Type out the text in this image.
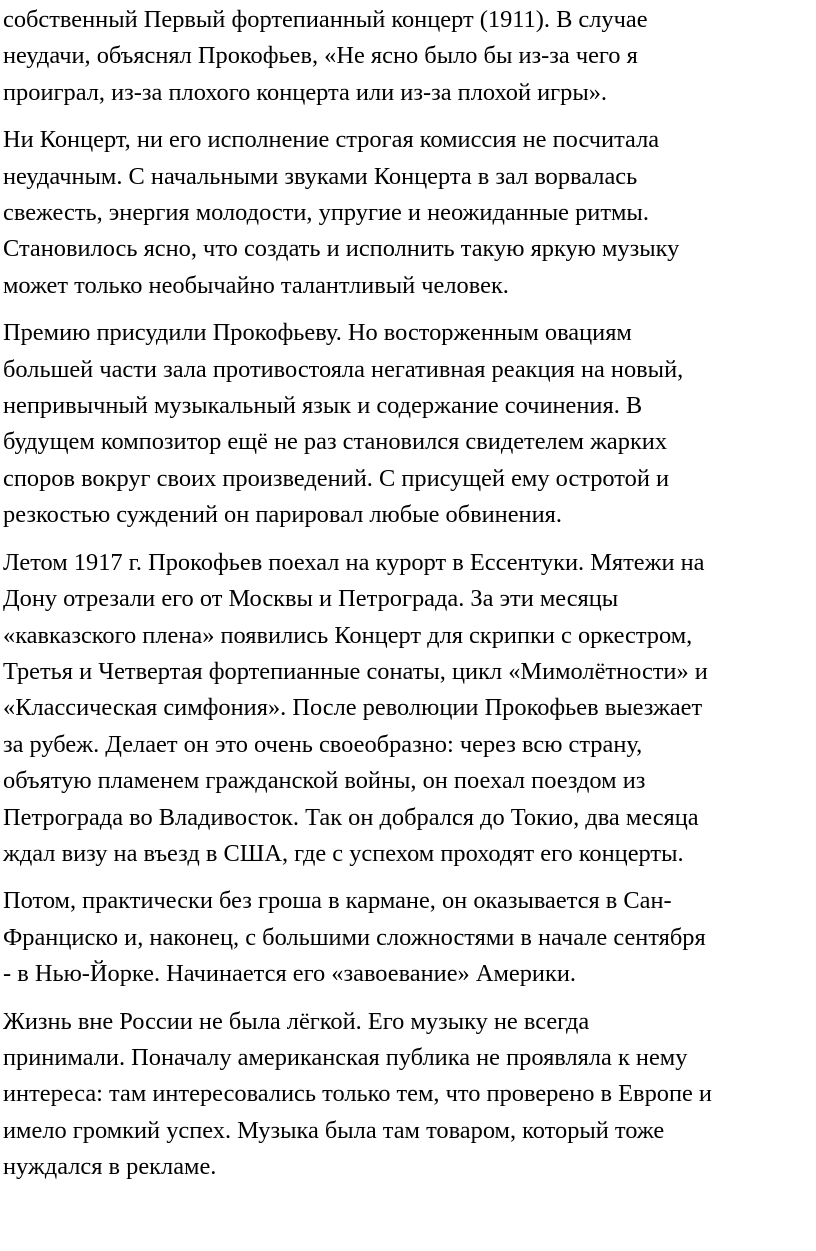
собственный Первый фортепианный концерт (1911). В случае
неудачи, объяснял Прокофьев, «Не ясно было бы из-за чего я
проиграл, из-за плохого концерта или из-за плохой игры».

Ни Концерт, ни его исполнение строгая комиссия не посчитала
неудачным. С начальными звуками Концерта в зал ворвалась
свежесть, энергия молодости, упругие и неожиданные ритмы.
Становилось ясно, что создать и исполнить такую яркую музыку
может только необычайно талантливый человек.

Премию присудили Прокофьеву. Но восторженным овациям
большей части зала противостояла негативная реакция на новый,
непривычный музыкальный язык и содержание сочинения. В
будущем композитор ещё не раз становился свидетелем жарких
споров вокруг своих произведений. С присущей ему остротой и
резкостью суждений он парировал любые обвинения.

Летом 1917 г. Прокофьев поехал на курорт в Ессентуки. Мятежи на
Дону отрезали его от Москвы и Петрограда. За эти месяцы
«кавказского плена» появились Концерт для скрипки с оркестром,
Третья и Четвертая фортепианные сонаты, цикл «Мимолётности» и
«Классическая симфония». После революции Прокофьев выезжает
за рубеж. Делает он это очень своеобразно: через всю страну,
объятую пламенем гражданской войны, он поехал поездом из
Петрограда во Владивосток. Так он добрался до Токио, два месяца
ждал визу на въезд в США, где с успехом проходят его концерты.

Потом, практически без гроша в кармане, он оказывается в Сан-
Франциско и, наконец, с большими сложностями в начале сентября
- в Нью-Йорке. Начинается его «завоевание» Америки.

Жизнь вне России не была лёгкой. Его музыку не всегда
принимали. Поначалу американская публика не проявляла к нему
интереса: там интересовались только тем, что проверено в Европе и
имело громкий успех. Музыка была там товаром, который тоже
нуждался в рекламе.
